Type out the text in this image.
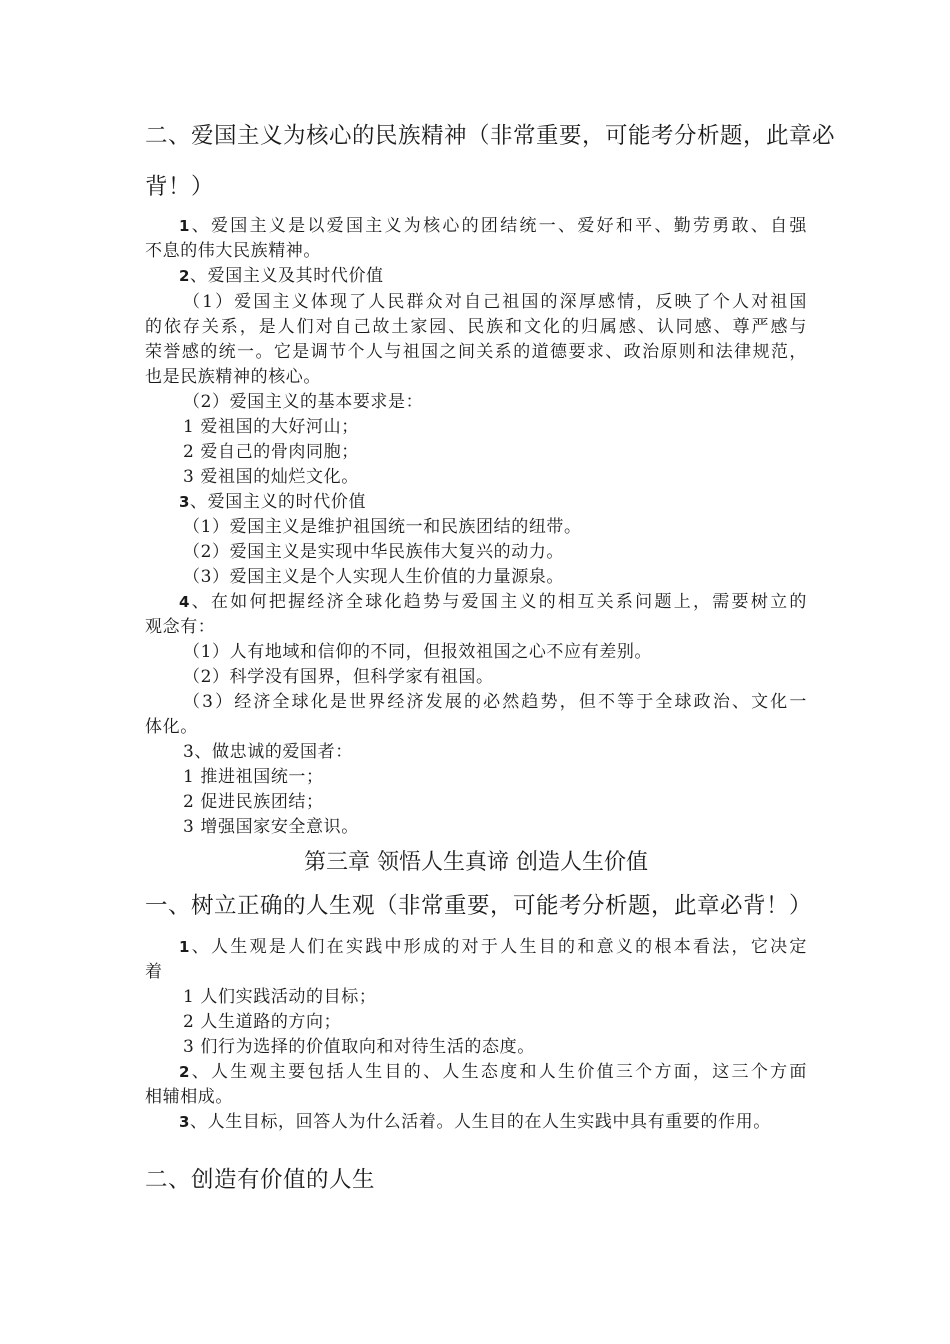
二、爱国主义为核心的民族精神（非常重要，可能考分析题，此章必
背！）
1、爱国主义是以爱国主义为核心的团结统一、爱好和平、勤劳勇敢、自强
不息的伟大民族精神。
2、爱国主义及其时代价值
（1）爱国主义体现了人民群众对自己祖国的深厚感情，反映了个人对祖国
的依存关系，是人们对自己故土家园、民族和文化的归属感、认同感、尊严感与
荣誉感的统一。它是调节个人与祖国之间关系的道德要求、政治原则和法律规范，
也是民族精神的核心。
（2）爱国主义的基本要求是：
1 爱祖国的大好河山；
2 爱自己的骨肉同胞；
3 爱祖国的灿烂文化。
3、爱国主义的时代价值
（1）爱国主义是维护祖国统一和民族团结的纽带。
（2）爱国主义是实现中华民族伟大复兴的动力。
（3）爱国主义是个人实现人生价值的力量源泉。
4、在如何把握经济全球化趋势与爱国主义的相互关系问题上，需要树立的
观念有：
（1）人有地域和信仰的不同，但报效祖国之心不应有差别。
（2）科学没有国界，但科学家有祖国。
（3）经济全球化是世界经济发展的必然趋势，但不等于全球政治、文化一
体化。
3、做忠诚的爱国者：
1 推进祖国统一；
2 促进民族团结；
3 增强国家安全意识。
第三章 领悟人生真谛 创造人生价值
一、树立正确的人生观（非常重要，可能考分析题，此章必背！）
1、人生观是人们在实践中形成的对于人生目的和意义的根本看法，它决定
着
1 人们实践活动的目标；
2 人生道路的方向；
3 们行为选择的价值取向和对待生活的态度。
2、人生观主要包括人生目的、人生态度和人生价值三个方面，这三个方面
相辅相成。
3、人生目标，回答人为什么活着。人生目的在人生实践中具有重要的作用。
二、创造有价值的人生
